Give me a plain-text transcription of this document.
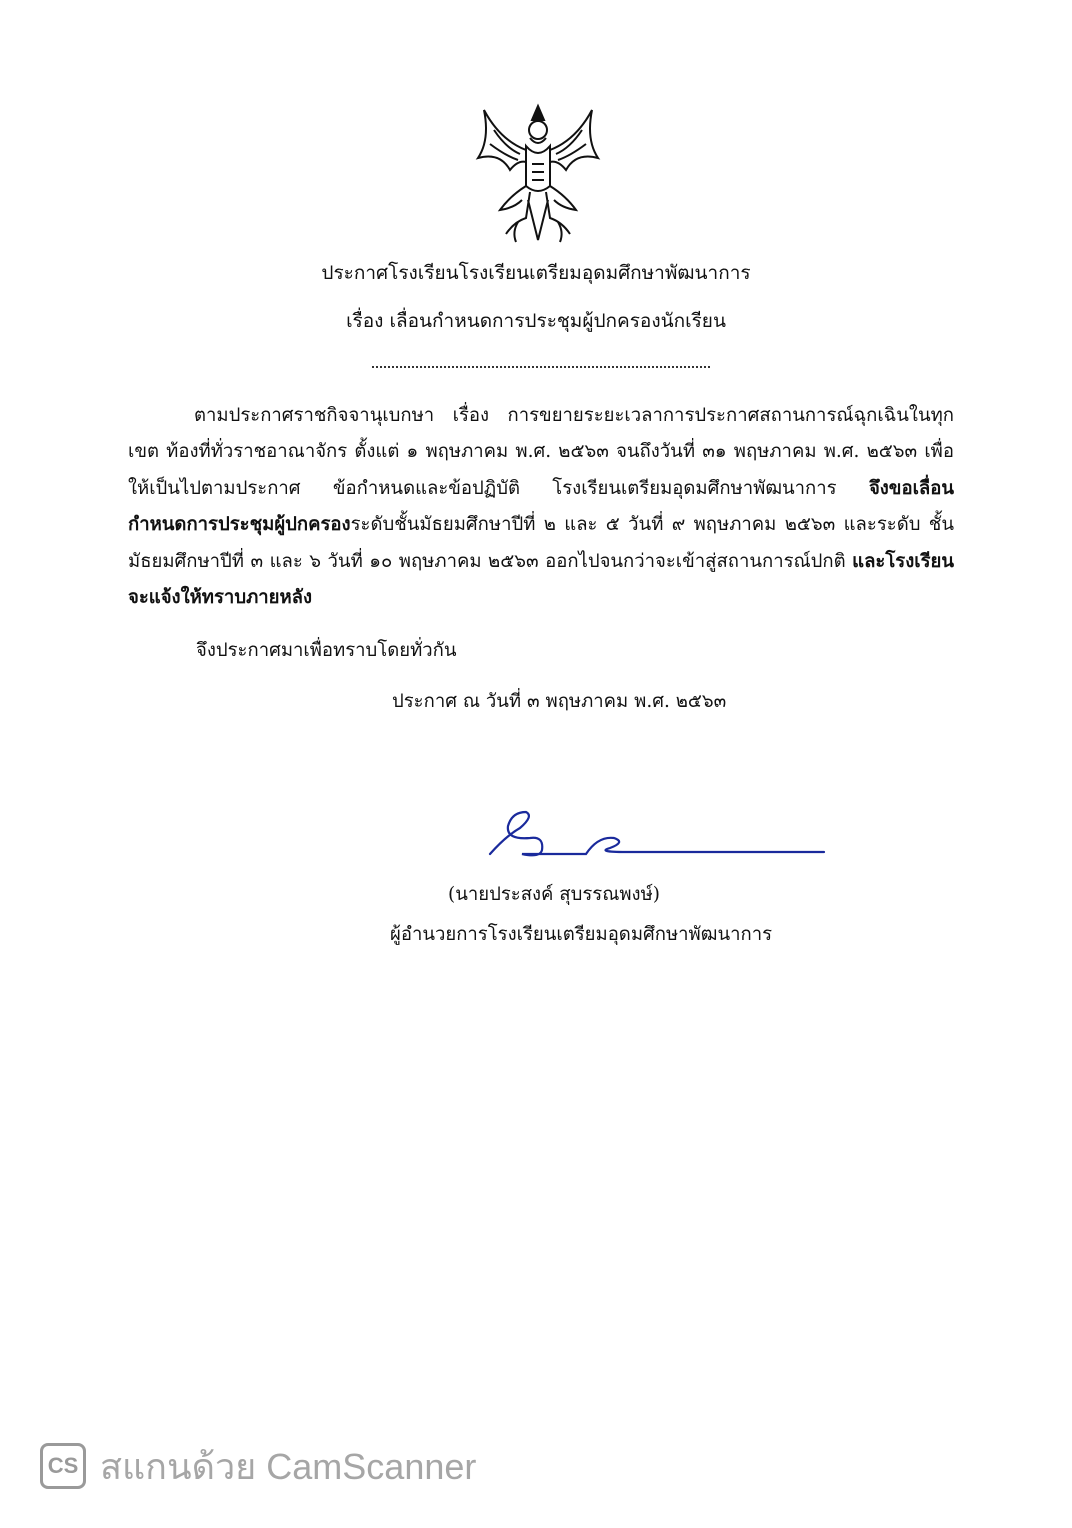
ประกาศโรงเรียนโรงเรียนเตรียมอุดมศึกษาพัฒนาการ
เรื่อง เลื่อนกำหนดการประชุมผู้ปกครองนักเรียน
ตามประกาศราชกิจจานุเบกษา เรื่อง การขยายระยะเวลาการประกาศสถานการณ์ฉุกเฉินในทุกเขต ท้องที่ทั่วราชอาณาจักร ตั้งแต่ ๑ พฤษภาคม พ.ศ. ๒๕๖๓ จนถึงวันที่ ๓๑ พฤษภาคม พ.ศ. ๒๕๖๓ เพื่อให้เป็นไปตามประกาศ ข้อกำหนดและข้อปฏิบัติ โรงเรียนเตรียมอุดมศึกษาพัฒนาการ จึงขอเลื่อน กำหนดการประชุมผู้ปกครองระดับชั้นมัธยมศึกษาปีที่ ๒ และ ๕ วันที่ ๙ พฤษภาคม ๒๕๖๓ และระดับ ชั้นมัธยมศึกษาปีที่ ๓ และ ๖ วันที่ ๑๐ พฤษภาคม ๒๕๖๓ ออกไปจนกว่าจะเข้าสู่สถานการณ์ปกติ และโรงเรียนจะแจ้งให้ทราบภายหลัง
จึงประกาศมาเพื่อทราบโดยทั่วกัน
ประกาศ ณ วันที่ ๓ พฤษภาคม พ.ศ. ๒๕๖๓
(นายประสงค์ สุบรรณพงษ์)
ผู้อำนวยการโรงเรียนเตรียมอุดมศึกษาพัฒนาการ
CS สแกนด้วย CamScanner
